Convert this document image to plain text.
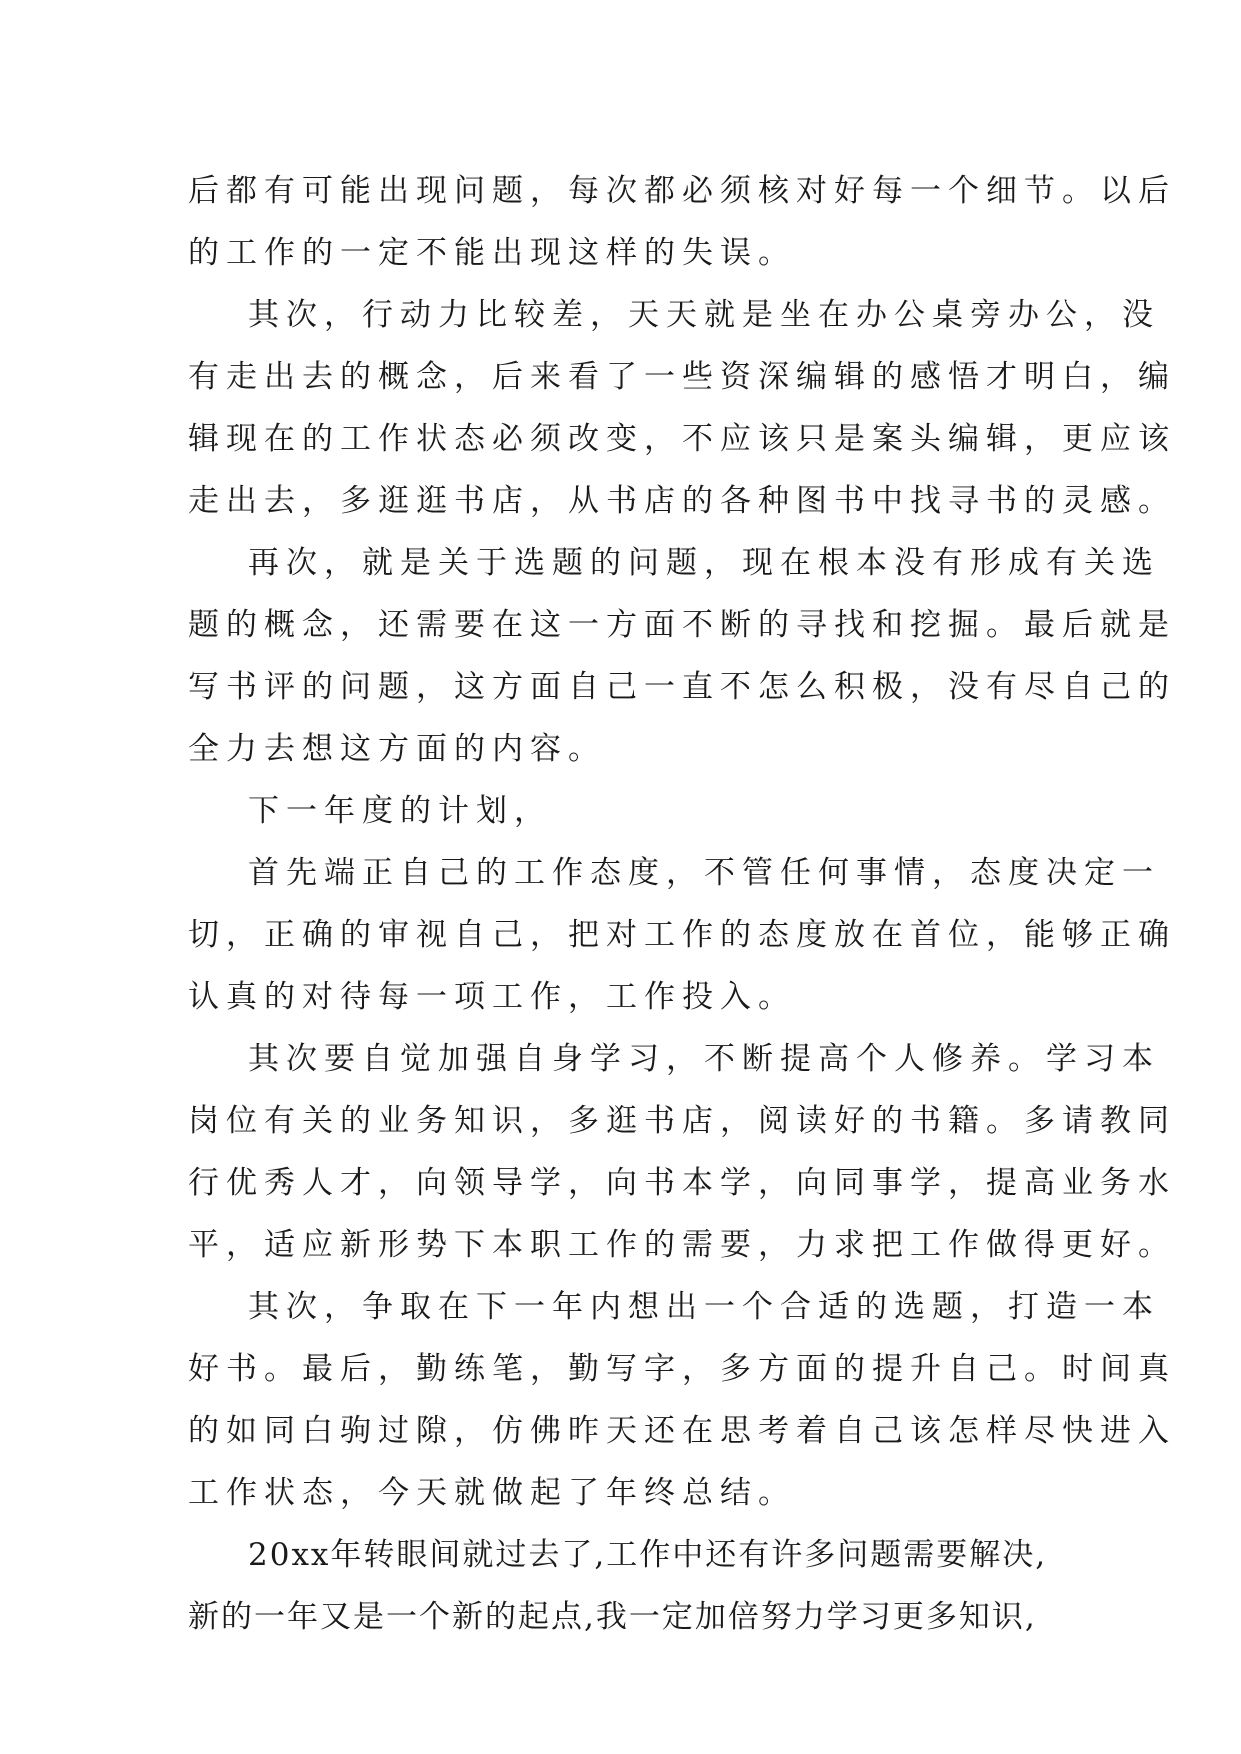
后都有可能出现问题，每次都必须核对好每一个细节。以后
的工作的一定不能出现这样的失误。

其次，行动力比较差，天天就是坐在办公桌旁办公，没
有走出去的概念，后来看了一些资深编辑的感悟才明白，编
辑现在的工作状态必须改变，不应该只是案头编辑，更应该
走出去，多逛逛书店，从书店的各种图书中找寻书的灵感。

再次，就是关于选题的问题，现在根本没有形成有关选
题的概念，还需要在这一方面不断的寻找和挖掘。最后就是
写书评的问题，这方面自己一直不怎么积极，没有尽自己的
全力去想这方面的内容。

下一年度的计划，

首先端正自己的工作态度，不管任何事情，态度决定一
切，正确的审视自己，把对工作的态度放在首位，能够正确
认真的对待每一项工作，工作投入。

其次要自觉加强自身学习，不断提高个人修养。学习本
岗位有关的业务知识，多逛书店，阅读好的书籍。多请教同
行优秀人才，向领导学，向书本学，向同事学，提高业务水
平，适应新形势下本职工作的需要，力求把工作做得更好。

其次，争取在下一年内想出一个合适的选题，打造一本
好书。最后，勤练笔，勤写字，多方面的提升自己。时间真
的如同白驹过隙，仿佛昨天还在思考着自己该怎样尽快进入
工作状态，今天就做起了年终总结。

20xx年转眼间就过去了,工作中还有许多问题需要解决,
新的一年又是一个新的起点,我一定加倍努力学习更多知识,
